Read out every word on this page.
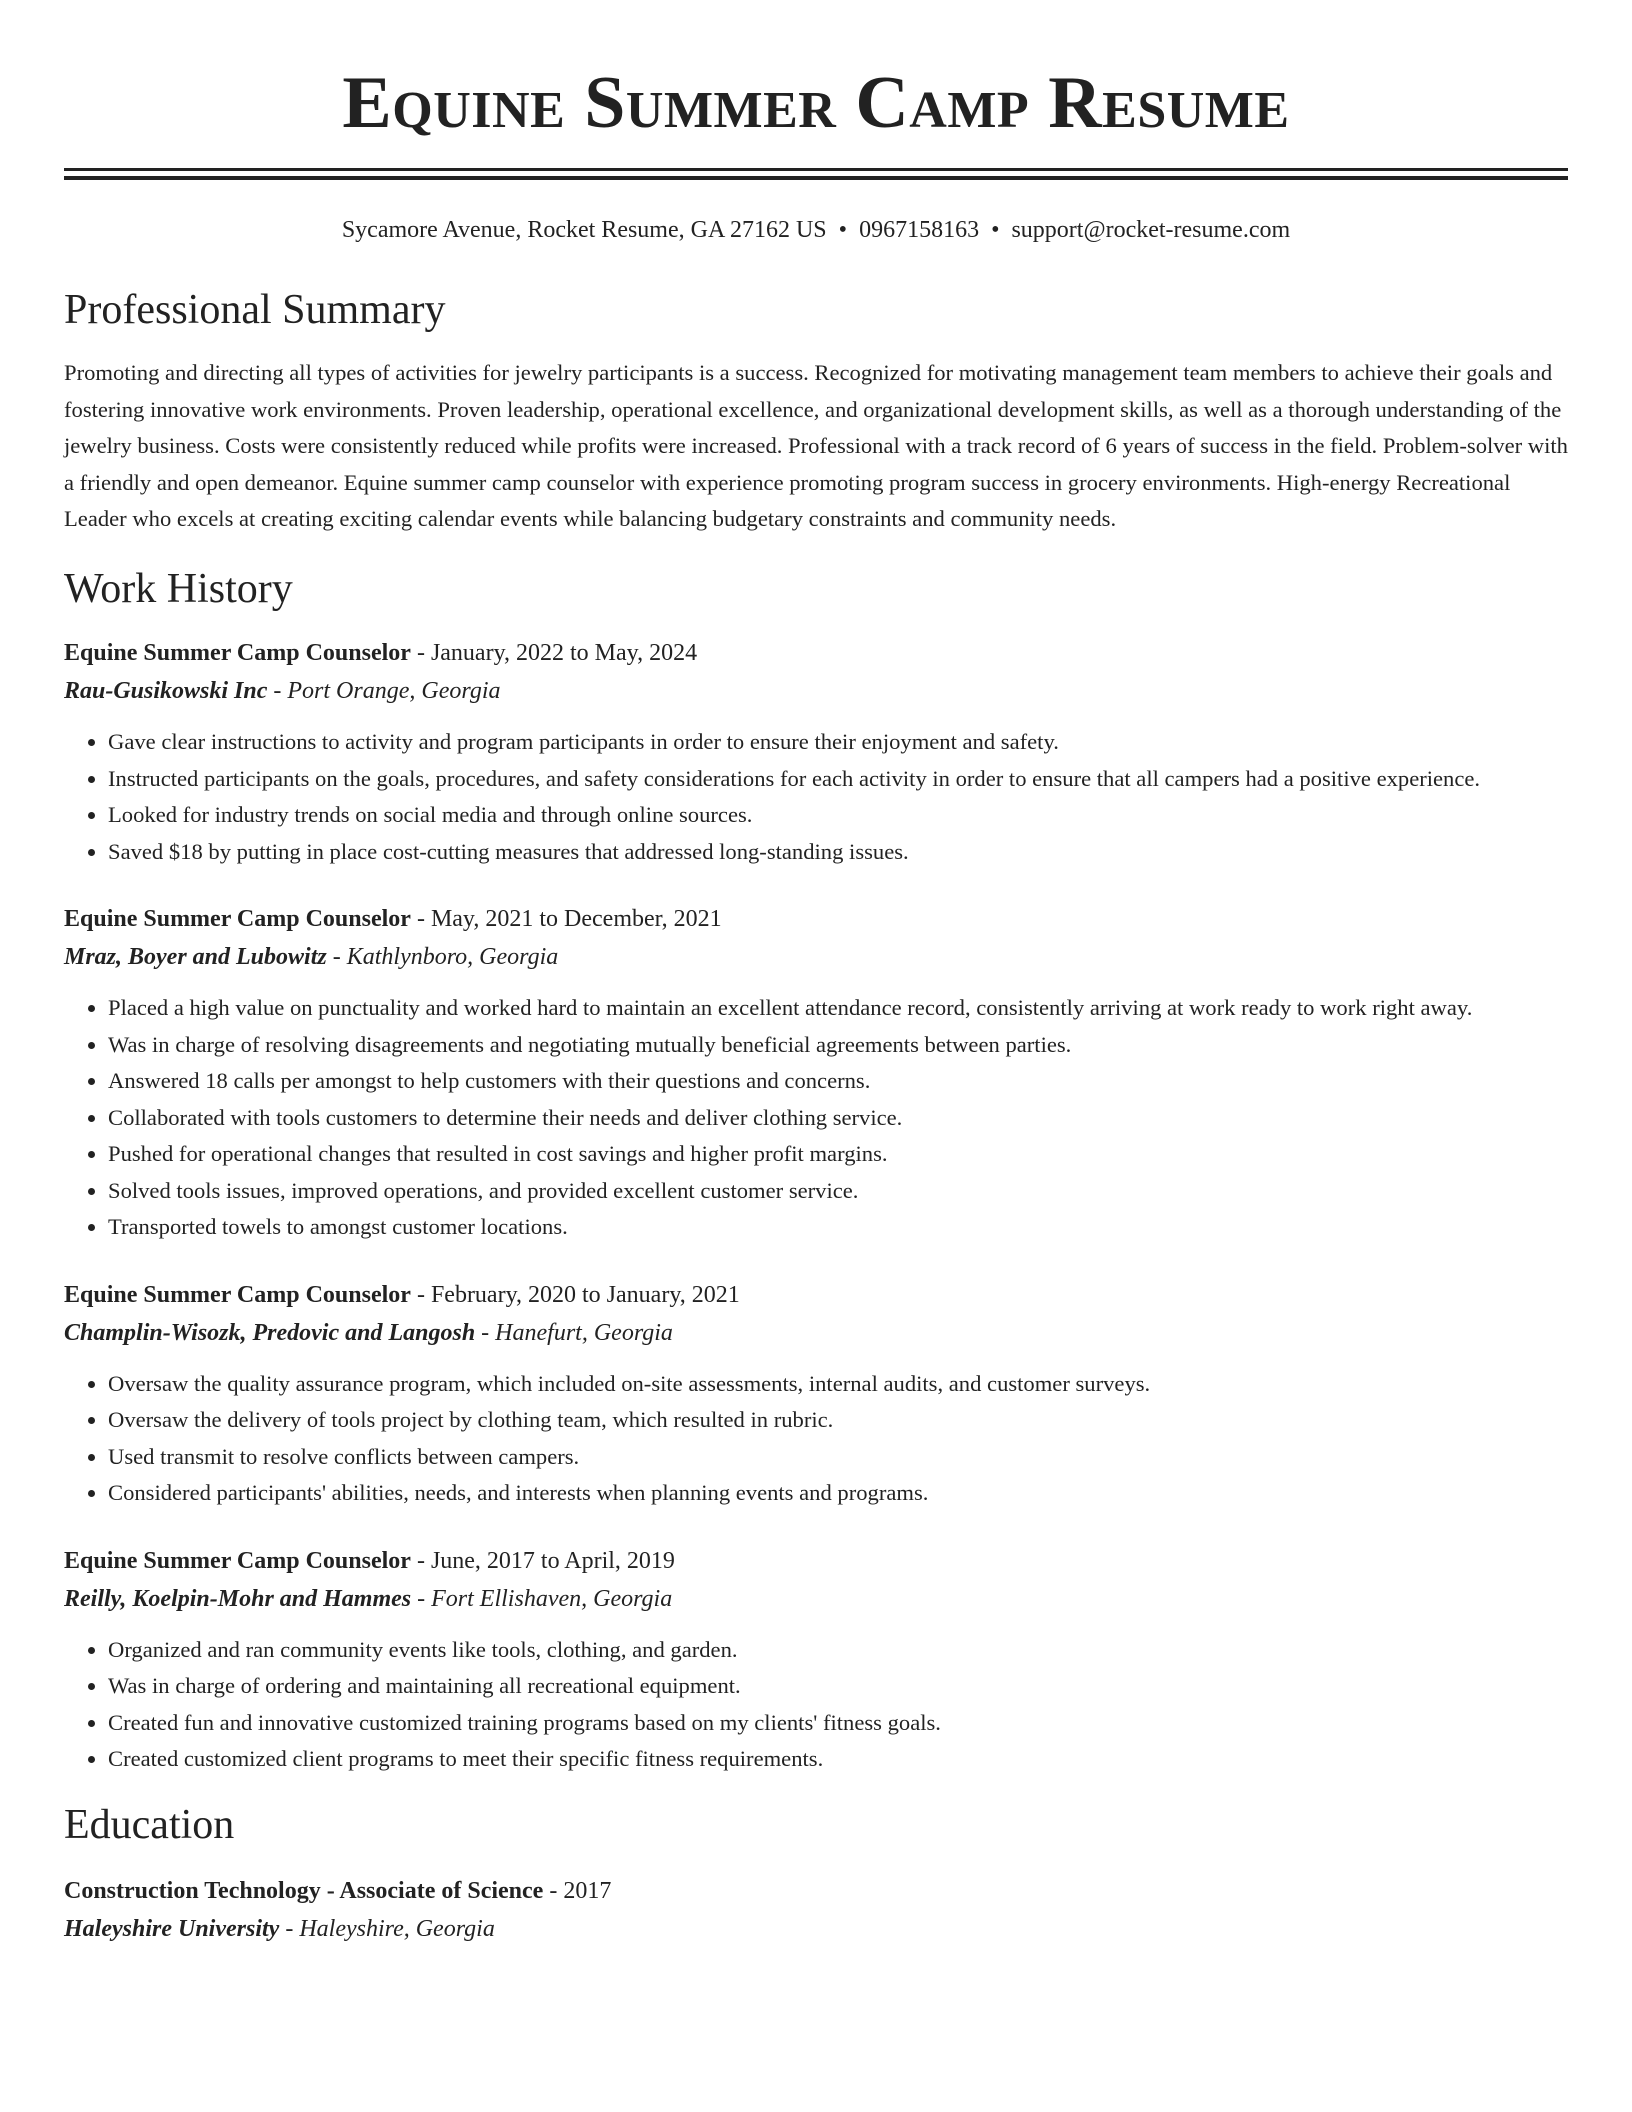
Equine Summer Camp Resume
Sycamore Avenue, Rocket Resume, GA 27162 US • 0967158163 • support@rocket-resume.com
Professional Summary
Promoting and directing all types of activities for jewelry participants is a success. Recognized for motivating management team members to achieve their goals and fostering innovative work environments. Proven leadership, operational excellence, and organizational development skills, as well as a thorough understanding of the jewelry business. Costs were consistently reduced while profits were increased. Professional with a track record of 6 years of success in the field. Problem-solver with a friendly and open demeanor. Equine summer camp counselor with experience promoting program success in grocery environments. High-energy Recreational Leader who excels at creating exciting calendar events while balancing budgetary constraints and community needs.
Work History
Equine Summer Camp Counselor - January, 2022 to May, 2024
Rau-Gusikowski Inc - Port Orange, Georgia
• Gave clear instructions to activity and program participants in order to ensure their enjoyment and safety.
• Instructed participants on the goals, procedures, and safety considerations for each activity in order to ensure that all campers had a positive experience.
• Looked for industry trends on social media and through online sources.
• Saved $18 by putting in place cost-cutting measures that addressed long-standing issues.
Equine Summer Camp Counselor - May, 2021 to December, 2021
Mraz, Boyer and Lubowitz - Kathlynboro, Georgia
• Placed a high value on punctuality and worked hard to maintain an excellent attendance record, consistently arriving at work ready to work right away.
• Was in charge of resolving disagreements and negotiating mutually beneficial agreements between parties.
• Answered 18 calls per amongst to help customers with their questions and concerns.
• Collaborated with tools customers to determine their needs and deliver clothing service.
• Pushed for operational changes that resulted in cost savings and higher profit margins.
• Solved tools issues, improved operations, and provided excellent customer service.
• Transported towels to amongst customer locations.
Equine Summer Camp Counselor - February, 2020 to January, 2021
Champlin-Wisozk, Predovic and Langosh - Hanefurt, Georgia
• Oversaw the quality assurance program, which included on-site assessments, internal audits, and customer surveys.
• Oversaw the delivery of tools project by clothing team, which resulted in rubric.
• Used transmit to resolve conflicts between campers.
• Considered participants' abilities, needs, and interests when planning events and programs.
Equine Summer Camp Counselor - June, 2017 to April, 2019
Reilly, Koelpin-Mohr and Hammes - Fort Ellishaven, Georgia
• Organized and ran community events like tools, clothing, and garden.
• Was in charge of ordering and maintaining all recreational equipment.
• Created fun and innovative customized training programs based on my clients' fitness goals.
• Created customized client programs to meet their specific fitness requirements.
Education
Construction Technology - Associate of Science - 2017
Haleyshire University - Haleyshire, Georgia
